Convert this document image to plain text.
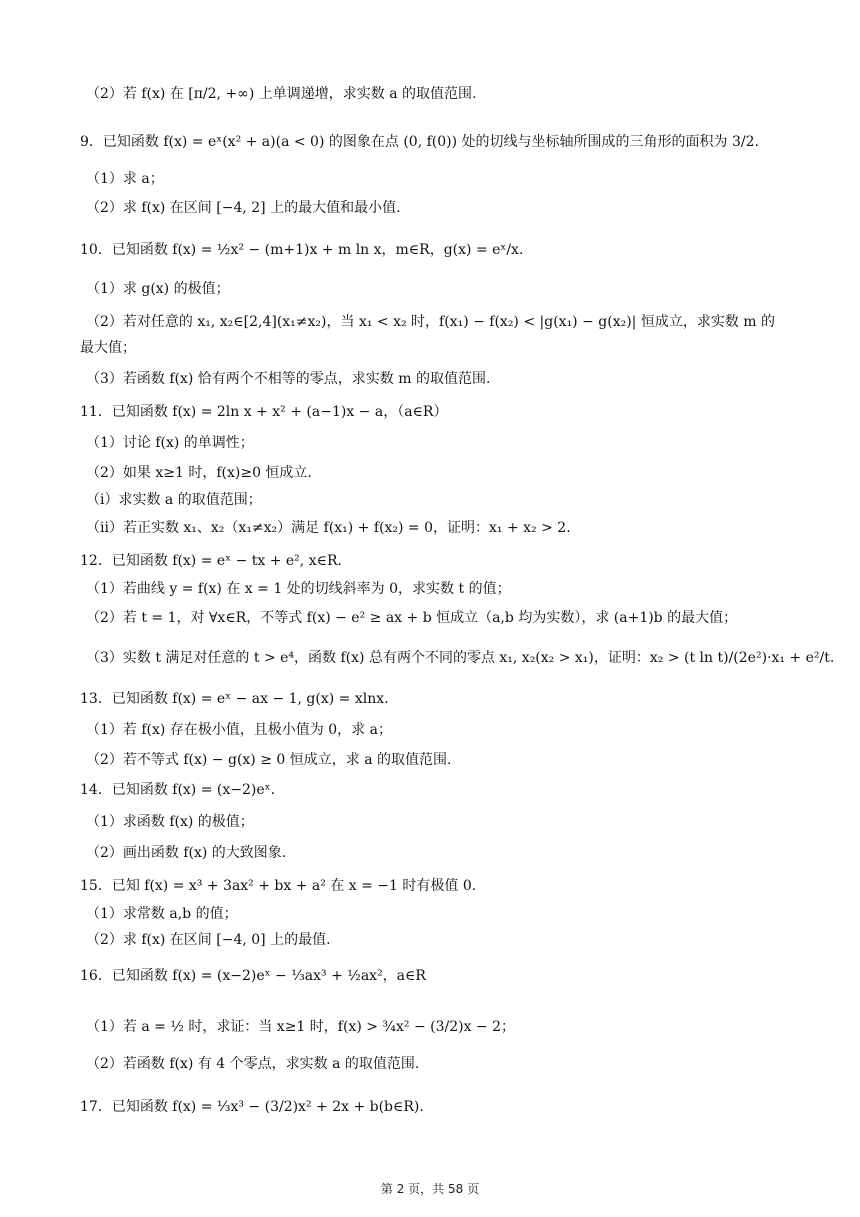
（2）若 f(x) 在 [π/2, +∞) 上单调递增，求实数 a 的取值范围.
9．已知函数 f(x) = eˣ(x² + a)(a < 0) 的图象在点 (0, f(0)) 处的切线与坐标轴所围成的三角形的面积为 3/2.
（1）求 a；
（2）求 f(x) 在区间 [−4, 2] 上的最大值和最小值.
10．已知函数 f(x) = ½x² − (m+1)x + m ln x，m∈R，g(x) = eˣ/x.
（1）求 g(x) 的极值；
（2）若对任意的 x₁, x₂∈[2,4](x₁≠x₂)，当 x₁ < x₂ 时，f(x₁) − f(x₂) < |g(x₁) − g(x₂)| 恒成立，求实数 m 的
最大值；
（3）若函数 f(x) 恰有两个不相等的零点，求实数 m 的取值范围.
11．已知函数 f(x) = 2ln x + x² + (a−1)x − a，（a∈R）
（1）讨论 f(x) 的单调性；
（2）如果 x≥1 时，f(x)≥0 恒成立.
（ⅰ）求实数 a 的取值范围；
（ⅱ）若正实数 x₁、x₂（x₁≠x₂）满足 f(x₁) + f(x₂) = 0，证明：x₁ + x₂ > 2.
12．已知函数 f(x) = eˣ − tx + e², x∈R.
（1）若曲线 y = f(x) 在 x = 1 处的切线斜率为 0，求实数 t 的值；
（2）若 t = 1，对 ∀x∈R，不等式 f(x) − e² ≥ ax + b 恒成立（a,b 均为实数），求 (a+1)b 的最大值；
（3）实数 t 满足对任意的 t > e⁴，函数 f(x) 总有两个不同的零点 x₁, x₂(x₂ > x₁)，证明：x₂ > (t ln t)/(2e²)·x₁ + e²/t.
13．已知函数 f(x) = eˣ − ax − 1, g(x) = xlnx.
（1）若 f(x) 存在极小值，且极小值为 0，求 a；
（2）若不等式 f(x) − g(x) ≥ 0 恒成立，求 a 的取值范围.
14．已知函数 f(x) = (x−2)eˣ.
（1）求函数 f(x) 的极值；
（2）画出函数 f(x) 的大致图象.
15．已知 f(x) = x³ + 3ax² + bx + a² 在 x = −1 时有极值 0.
（1）求常数 a,b 的值；
（2）求 f(x) 在区间 [−4, 0] 上的最值.
16．已知函数 f(x) = (x−2)eˣ − ⅓ax³ + ½ax²，a∈R
（1）若 a = ½ 时，求证：当 x≥1 时，f(x) > ¾x² − (3/2)x − 2；
（2）若函数 f(x) 有 4 个零点，求实数 a 的取值范围.
17．已知函数 f(x) = ⅓x³ − (3/2)x² + 2x + b(b∈R).
第 2 页，共 58 页
